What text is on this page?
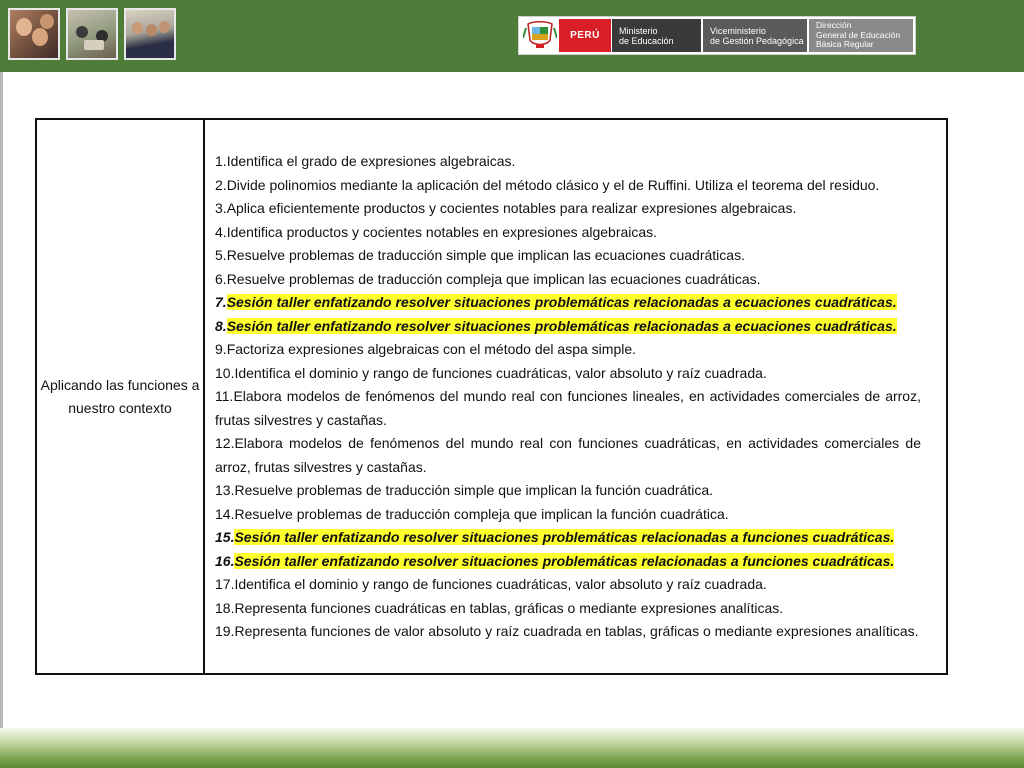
PERÚ	Ministerio
de Educación
Viceministerio
de Gestión Pedagógica
Dirección
General de Educación
Básica Regular
Aplicando las funciones a nuestro contexto
1.Identifica el grado de expresiones algebraicas.
2.Divide polinomios mediante la aplicación del método clásico y el de Ruffini. Utiliza el teorema del residuo.
3.Aplica eficientemente productos y cocientes notables para realizar expresiones algebraicas.
4.Identifica productos y cocientes notables en expresiones algebraicas.
5.Resuelve problemas de traducción simple que implican las ecuaciones cuadráticas.
6.Resuelve problemas de traducción compleja que implican las ecuaciones cuadráticas.
7.Sesión taller enfatizando resolver situaciones problemáticas relacionadas a ecuaciones cuadráticas.
8.Sesión taller enfatizando resolver situaciones problemáticas relacionadas a ecuaciones cuadráticas.
9.Factoriza expresiones algebraicas con el método del aspa simple.
10.Identifica el dominio y rango de funciones cuadráticas, valor absoluto y raíz cuadrada.
11.Elabora modelos de fenómenos del mundo real con funciones lineales, en actividades comerciales de arroz, frutas silvestres y castañas.
12.Elabora modelos de fenómenos del mundo real con funciones cuadráticas, en actividades comerciales de arroz, frutas silvestres y castañas.
13.Resuelve problemas de traducción simple que implican la función cuadrática.
14.Resuelve problemas de traducción compleja que implican la función cuadrática.
15.Sesión taller enfatizando resolver situaciones problemáticas relacionadas a funciones cuadráticas.
16.Sesión taller enfatizando resolver situaciones problemáticas relacionadas a funciones cuadráticas.
17.Identifica el dominio y rango de funciones cuadráticas, valor absoluto y raíz cuadrada.
18.Representa funciones cuadráticas en tablas, gráficas o mediante expresiones analíticas.
19.Representa funciones de valor absoluto y raíz cuadrada en tablas, gráficas o mediante expresiones analíticas.
